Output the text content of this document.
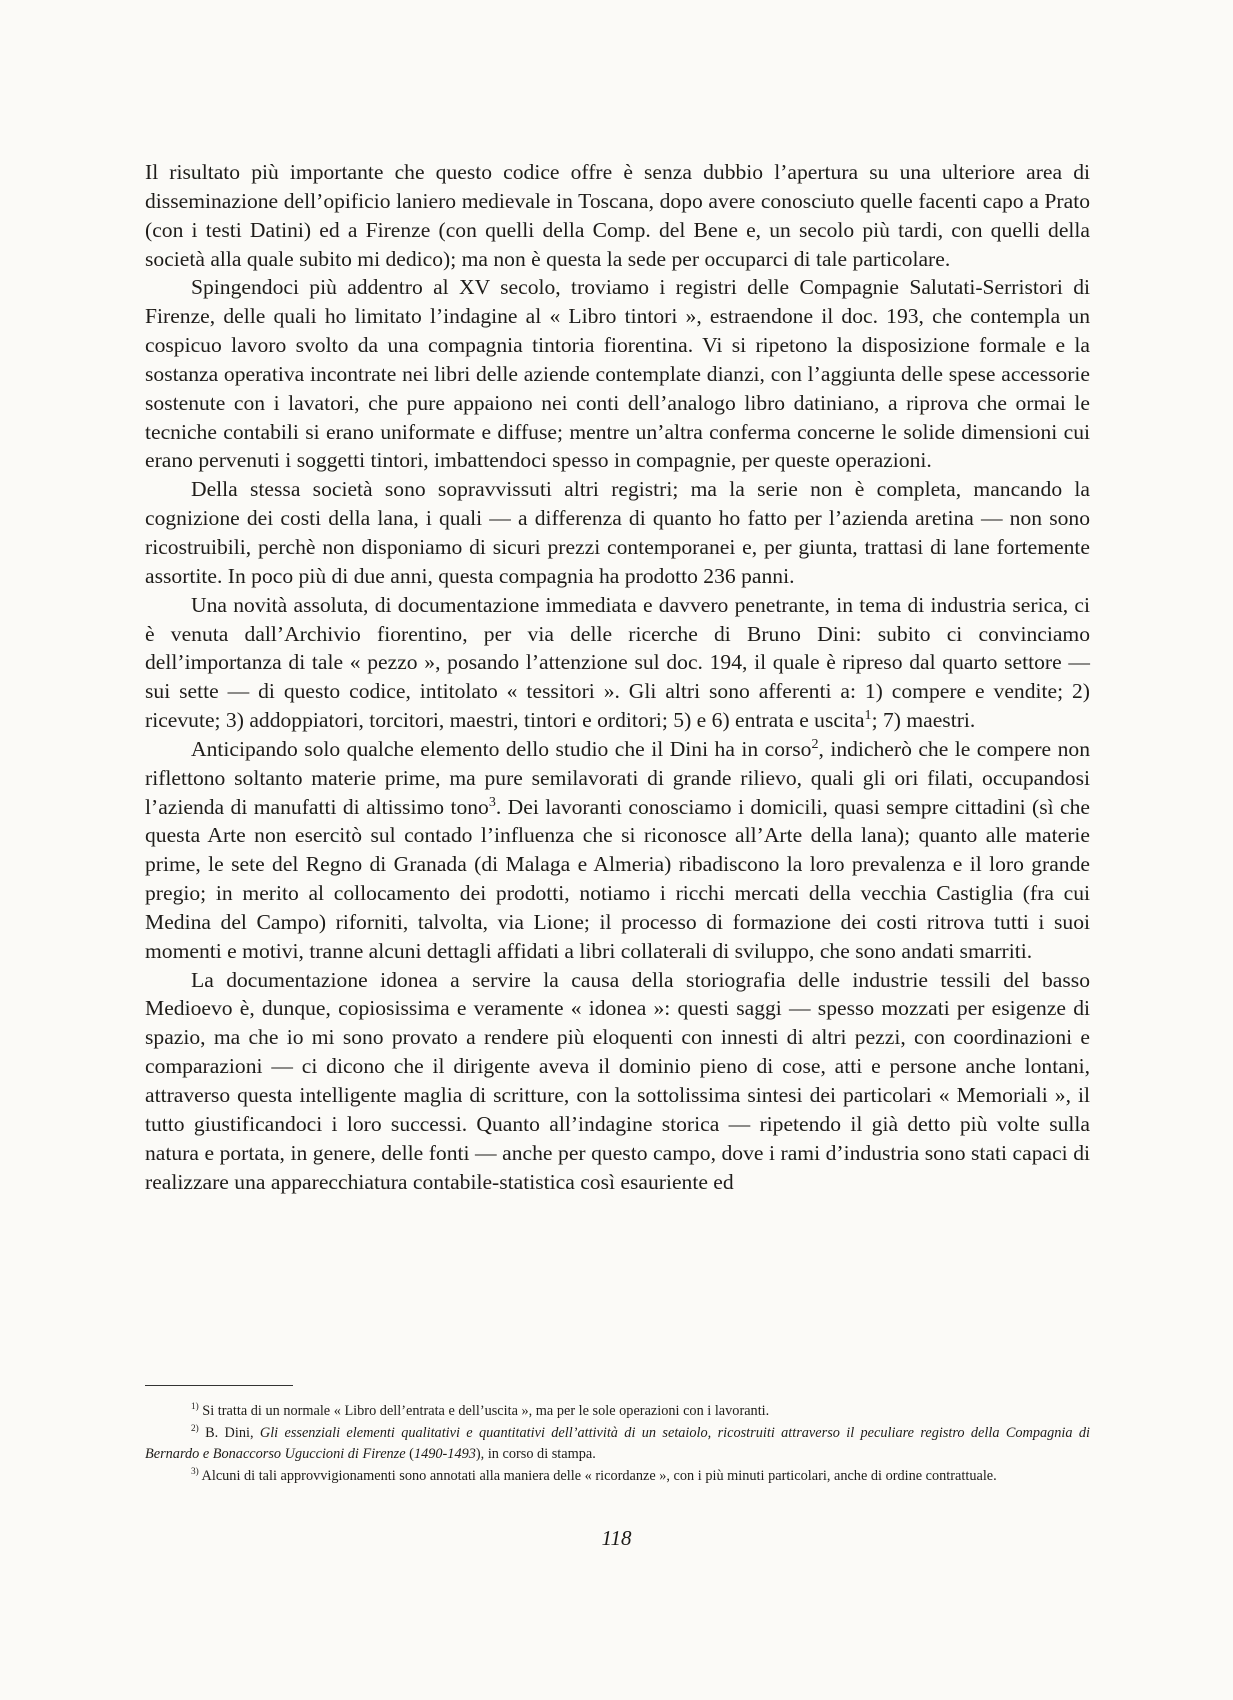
Il risultato più importante che questo codice offre è senza dubbio l’apertura su una ulteriore area di disseminazione dell’opificio laniero medievale in Toscana, dopo avere conosciuto quelle facenti capo a Prato (con i testi Datini) ed a Firenze (con quelli della Comp. del Bene e, un secolo più tardi, con quelli della società alla quale subito mi dedico); ma non è questa la sede per occuparci di tale particolare.

Spingendoci più addentro al XV secolo, troviamo i registri delle Compagnie Salutati-Serristori di Firenze, delle quali ho limitato l’indagine al « Libro tintori », estraendone il doc. 193, che contempla un cospicuo lavoro svolto da una compagnia tintoria fiorentina. Vi si ripetono la disposizione formale e la sostanza operativa incontrate nei libri delle aziende contemplate dianzi, con l’aggiunta delle spese accessorie sostenute con i lavatori, che pure appaiono nei conti dell’analogo libro datiniano, a riprova che ormai le tecniche contabili si erano uniformate e diffuse; mentre un’altra conferma concerne le solide dimensioni cui erano pervenuti i soggetti tintori, imbattendoci spesso in compagnie, per queste operazioni.

Della stessa società sono sopravvissuti altri registri; ma la serie non è completa, mancando la cognizione dei costi della lana, i quali — a differenza di quanto ho fatto per l’azienda aretina — non sono ricostruibili, perchè non disponiamo di sicuri prezzi contemporanei e, per giunta, trattasi di lane fortemente assortite. In poco più di due anni, questa compagnia ha prodotto 236 panni.

Una novità assoluta, di documentazione immediata e davvero penetrante, in tema di industria serica, ci è venuta dall’Archivio fiorentino, per via delle ricerche di Bruno Dini: subito ci convinciamo dell’importanza di tale « pezzo », posando l’attenzione sul doc. 194, il quale è ripreso dal quarto settore — sui sette — di questo codice, intitolato « tessitori ». Gli altri sono afferenti a: 1) compere e vendite; 2) ricevute; 3) addoppiatori, torcitori, maestri, tintori e orditori; 5) e 6) entrata e uscita$^1$; 7) maestri.

Anticipando solo qualche elemento dello studio che il Dini ha in corso$^2$, indicherò che le compere non riflettono soltanto materie prime, ma pure semilavorati di grande rilievo, quali gli ori filati, occupandosi l’azienda di manufatti di altissimo tono$^3$. Dei lavoranti conosciamo i domicili, quasi sempre cittadini (sì che questa Arte non esercitò sul contado l’influenza che si riconosce all’Arte della lana); quanto alle materie prime, le sete del Regno di Granada (di Malaga e Almeria) ribadiscono la loro prevalenza e il loro grande pregio; in merito al collocamento dei prodotti, notiamo i ricchi mercati della vecchia Castiglia (fra cui Medina del Campo) riforniti, talvolta, via Lione; il processo di formazione dei costi ritrova tutti i suoi momenti e motivi, tranne alcuni dettagli affidati a libri collaterali di sviluppo, che sono andati smarriti.

La documentazione idonea a servire la causa della storiografia delle industrie tessili del basso Medioevo è, dunque, copiosissima e veramente « idonea »: questi saggi — spesso mozzati per esigenze di spazio, ma che io mi sono provato a rendere più eloquenti con innesti di altri pezzi, con coordinazioni e comparazioni — ci dicono che il dirigente aveva il dominio pieno di cose, atti e persone anche lontani, attraverso questa intelligente maglia di scritture, con la sottolissima sintesi dei particolari « Memoriali », il tutto giustificandoci i loro successi. Quanto all’indagine storica — ripetendo il già detto più volte sulla natura e portata, in genere, delle fonti — anche per questo campo, dove i rami d’industria sono stati capaci di realizzare una apparecchiatura contabile-statistica così esauriente ed

$^{1)}$ Si tratta di un normale « Libro dell’entrata e dell’uscita », ma per le sole operazioni con i lavoranti.

$^{2)}$ B. Dini, Gli essenziali elementi qualitativi e quantitativi dell’attività di un setaiolo, ricostruiti attraverso il peculiare registro della Compagnia di Bernardo e Bonaccorso Uguccioni di Firenze (1490-1493), in corso di stampa.

$^{3)}$ Alcuni di tali approvvigionamenti sono annotati alla maniera delle « ricordanze », con i più minuti particolari, anche di ordine contrattuale.

118
